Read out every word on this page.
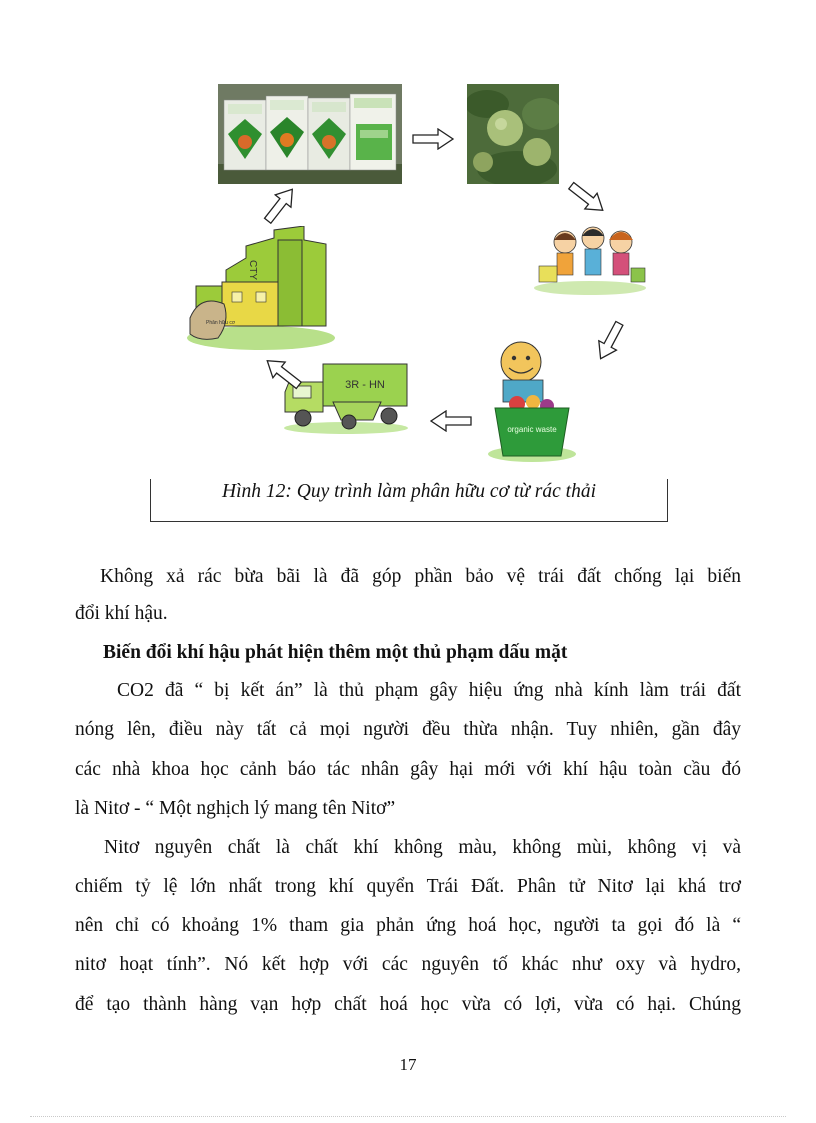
organic waste
3R - HN
CTY
Phân hữu cơ
Hình 12: Quy trình làm phân hữu cơ từ rác thải
Không xả rác bừa bãi là đã góp phần bảo vệ trái đất chống lại biến
đổi khí hậu.
Biến đổi khí hậu phát hiện thêm một thủ phạm dấu mặt
CO2 đã “ bị kết án” là thủ phạm gây hiệu ứng nhà kính làm trái đất
nóng lên, điều này tất cả mọi người đều thừa nhận. Tuy nhiên, gần đây
các nhà khoa học cảnh báo tác nhân gây hại mới với khí hậu toàn cầu đó
là Nitơ - “ Một nghịch lý mang tên Nitơ”
Nitơ nguyên chất là chất khí không màu, không mùi, không vị và
chiếm tỷ lệ lớn nhất trong khí quyển Trái Đất. Phân tử Nitơ lại khá trơ
nên chỉ có khoảng 1% tham gia phản ứng hoá học, người ta gọi đó là “
nitơ hoạt tính”. Nó kết hợp với các nguyên tố khác như oxy và hydro,
để tạo thành hàng vạn hợp chất hoá học vừa có lợi, vừa có hại. Chúng
17
